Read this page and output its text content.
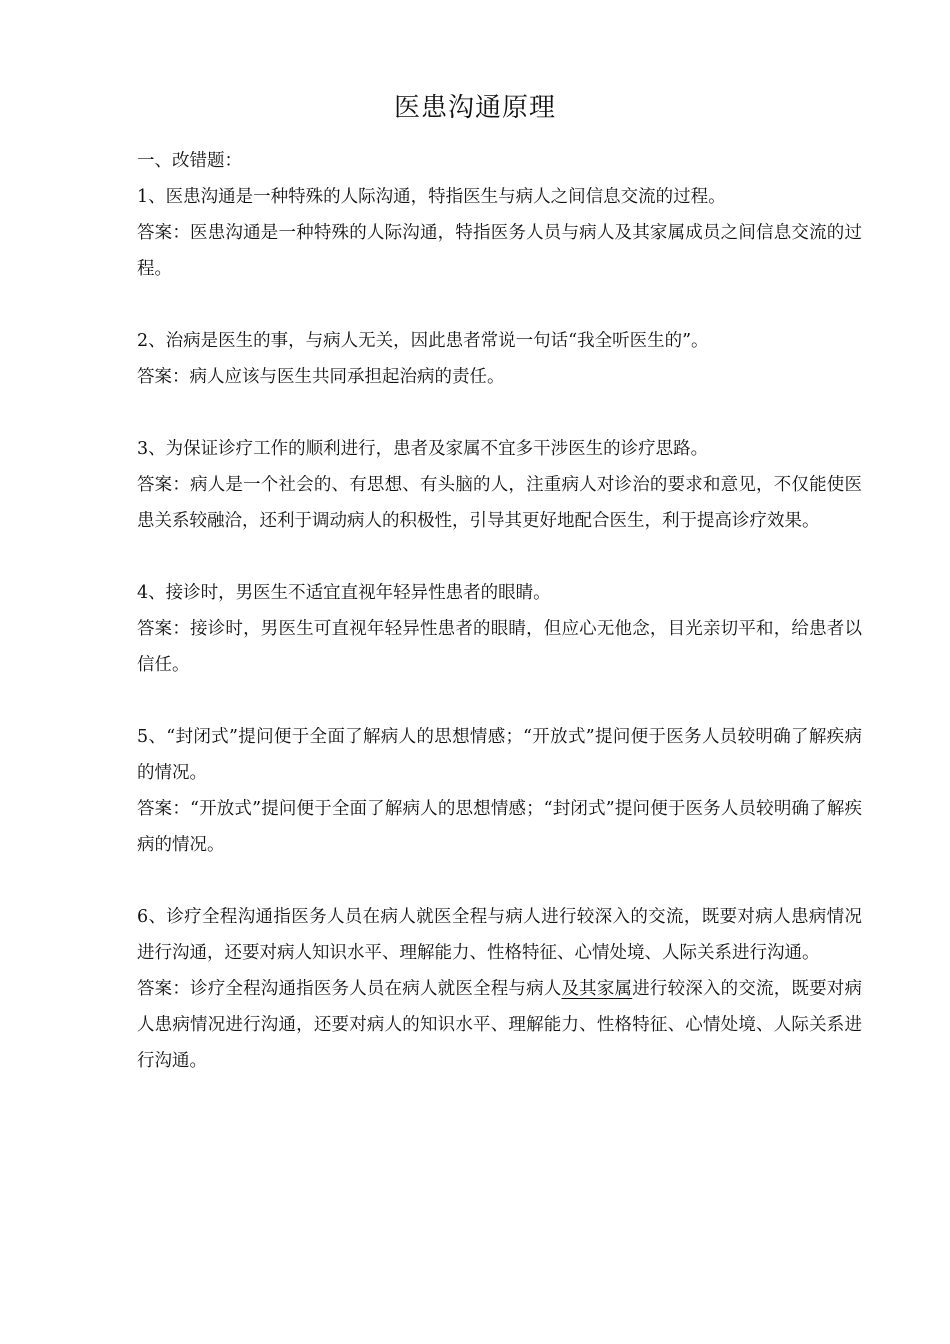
医患沟通原理
一、改错题：
1、医患沟通是一种特殊的人际沟通，特指医生与病人之间信息交流的过程。
答案：医患沟通是一种特殊的人际沟通，特指医务人员与病人及其家属成员之间信息交流的过程。
2、治病是医生的事，与病人无关，因此患者常说一句话“我全听医生的”。
答案：病人应该与医生共同承担起治病的责任。
3、为保证诊疗工作的顺利进行，患者及家属不宜多干涉医生的诊疗思路。
答案：病人是一个社会的、有思想、有头脑的人，注重病人对诊治的要求和意见，不仅能使医患关系较融洽，还利于调动病人的积极性，引导其更好地配合医生，利于提高诊疗效果。
4、接诊时，男医生不适宜直视年轻异性患者的眼睛。
答案：接诊时，男医生可直视年轻异性患者的眼睛，但应心无他念，目光亲切平和，给患者以信任。
5、“封闭式”提问便于全面了解病人的思想情感；“开放式”提问便于医务人员较明确了解疾病的情况。
答案：“开放式”提问便于全面了解病人的思想情感；“封闭式”提问便于医务人员较明确了解疾病的情况。
6、诊疗全程沟通指医务人员在病人就医全程与病人进行较深入的交流，既要对病人患病情况进行沟通，还要对病人知识水平、理解能力、性格特征、心情处境、人际关系进行沟通。
答案：诊疗全程沟通指医务人员在病人就医全程与病人及其家属进行较深入的交流，既要对病人患病情况进行沟通，还要对病人的知识水平、理解能力、性格特征、心情处境、人际关系进行沟通。
